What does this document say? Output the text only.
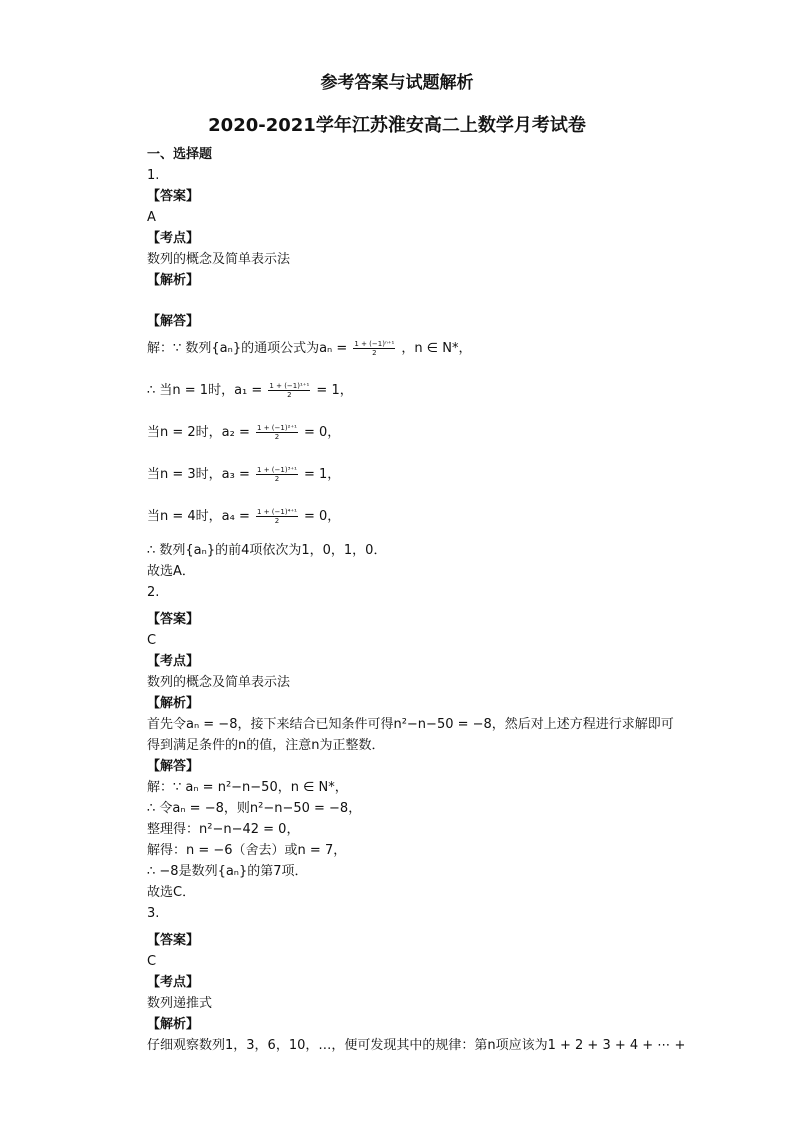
参考答案与试题解析
2020-2021学年江苏淮安高二上数学月考试卷
一、选择题
1.
【答案】
A
【考点】
数列的概念及简单表示法
【解析】
【解答】
解：∵ 数列{aₙ}的通项公式为$a_n = \frac{\text{1 + (−1)ⁿ⁺¹}}{2}$ ，n ∈ N*，
∴ 当n = 1时，$a_1 = \frac{\text{1 + (−1)¹⁺¹}}{2} = 1$，
当n = 2时，$a_2 = \frac{\text{1 + (−1)²⁺¹}}{2} = 0$，
当n = 3时，$a_3 = \frac{\text{1 + (−1)³⁺¹}}{2} = 1$，
当n = 4时，$a_4 = \frac{\text{1 + (−1)⁴⁺¹}}{2} = 0$，
∴ 数列{aₙ}的前4项依次为1，0，1，0．
故选A．
2.
【答案】
C
【考点】
数列的概念及简单表示法
【解析】
首先令aₙ = −8，接下来结合已知条件可得n²−n−50 = −8，然后对上述方程进行求解即可
得到满足条件的n的值，注意n为正整数．
【解答】
解：∵ aₙ = n²−n−50，n ∈ N*，
∴ 令aₙ = −8，则n²−n−50 = −8，
整理得：n²−n−42 = 0，
解得：n = −6（舍去）或n = 7，
∴ −8是数列{aₙ}的第7项．
故选C．
3.
【答案】
C
【考点】
数列递推式
【解析】
仔细观察数列1，3，6，10，…，便可发现其中的规律：第n项应该为1 + 2 + 3 + 4 + ⋯ +
